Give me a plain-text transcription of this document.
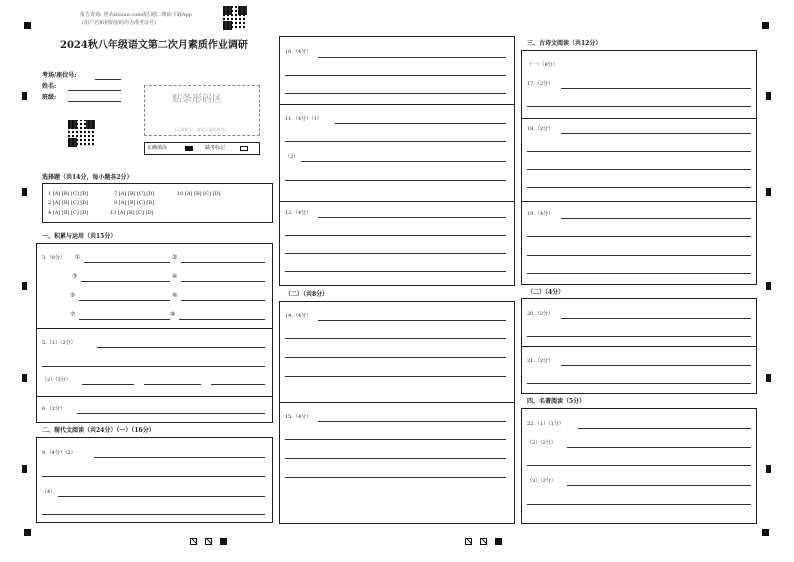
报告查询: 登录zhixue.com或扫描二维码下载App
(用户名和初始密码均为准考证号)
2024秋八年级语文第二次月素质作业调研
考场/座位号:
姓名:
班级:	贴条形码区
(正面朝上，请贴在虚线框内)
正确填涂	缺考标记
选择题（共14分，每小题各2分）
1 [A] [B] [C] [D]	7 [A] [B] [C] [D]	10 [A] [B] [C] [D]
2 [A] [B] [C] [D]	8 [A] [B] [C] [D]
4 [A] [B] [C] [D]	13 [A] [B] [C] [D]
一、积累与运用（共15分）
3.（8分） ①	②
③	④
⑤	⑥
⑦	⑧
5.（1）（2分）
（2）（3分）
6.（2分）
二、现代文阅读（共24分）（一）（16分）
9.（4分）（2）
（4）
10.（4分）
11.（4分）（1）
（2）
12.（4分）
（二）（共8分）
14.（4分）
15.（4分）
三、古诗文阅读（共12分）
（一）（8分）
17.（2分）
18.（2分）
19.（4分）
（二）（4分）
20.（2分）
21.（2分）
四、名著阅读（5分）
22.（1）（1分）
（2）（2分）
（3）（2分）
